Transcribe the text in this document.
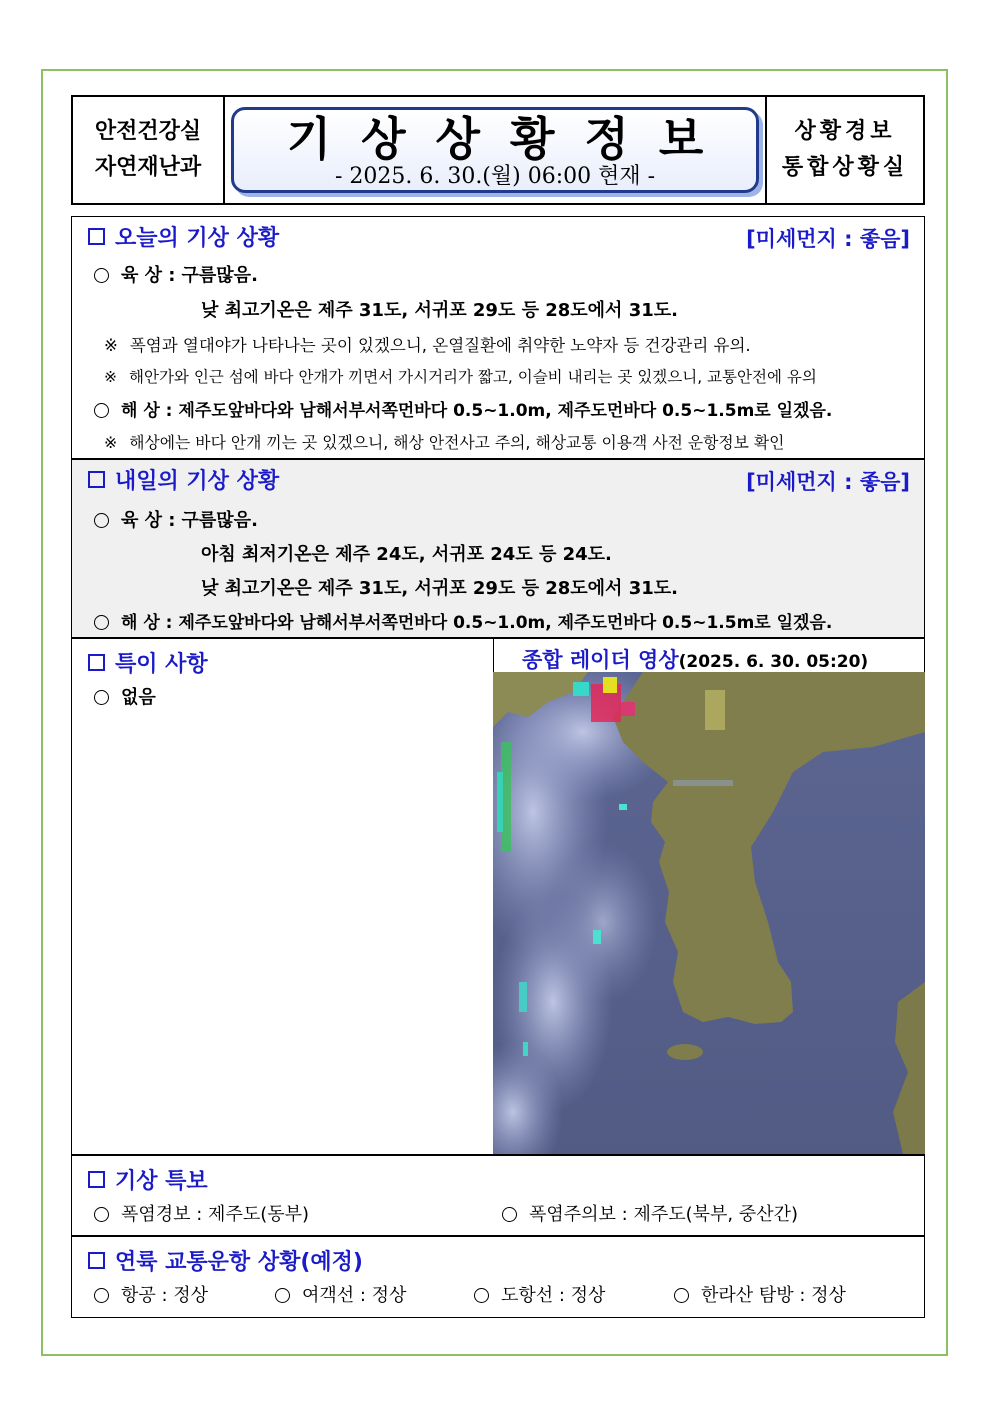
안전건강실
자연재난과
기상상황정보
- 2025. 6. 30.(월) 06:00 현재 -
상황경보
통합상황실
오늘의 기상 상황	[미세먼지 : 좋음]
육 상 : 구름많음.
낮 최고기온은 제주 31도, 서귀포 29도 등 28도에서 31도.
※ 폭염과 열대야가 나타나는 곳이 있겠으니, 온열질환에 취약한 노약자 등 건강관리 유의.
※ 해안가와 인근 섬에 바다 안개가 끼면서 가시거리가 짧고, 이슬비 내리는 곳 있겠으니, 교통안전에 유의
해 상 : 제주도앞바다와 남해서부서쪽먼바다 0.5~1.0m, 제주도먼바다 0.5~1.5m로 일겠음.
※ 해상에는 바다 안개 끼는 곳 있겠으니, 해상 안전사고 주의, 해상교통 이용객 사전 운항정보 확인
내일의 기상 상황	[미세먼지 : 좋음]
육 상 : 구름많음.
아침 최저기온은 제주 24도, 서귀포 24도 등 24도.
낮 최고기온은 제주 31도, 서귀포 29도 등 28도에서 31도.
해 상 : 제주도앞바다와 남해서부서쪽먼바다 0.5~1.0m, 제주도먼바다 0.5~1.5m로 일겠음.
특이 사항
없음
종합 레이더 영상(2025. 6. 30. 05:20)
기상 특보
폭염경보 : 제주도(동부)	폭염주의보 : 제주도(북부, 중산간)
연륙 교통운항 상황(예정)
항공 : 정상	여객선 : 정상	도항선 : 정상	한라산 탐방 : 정상
